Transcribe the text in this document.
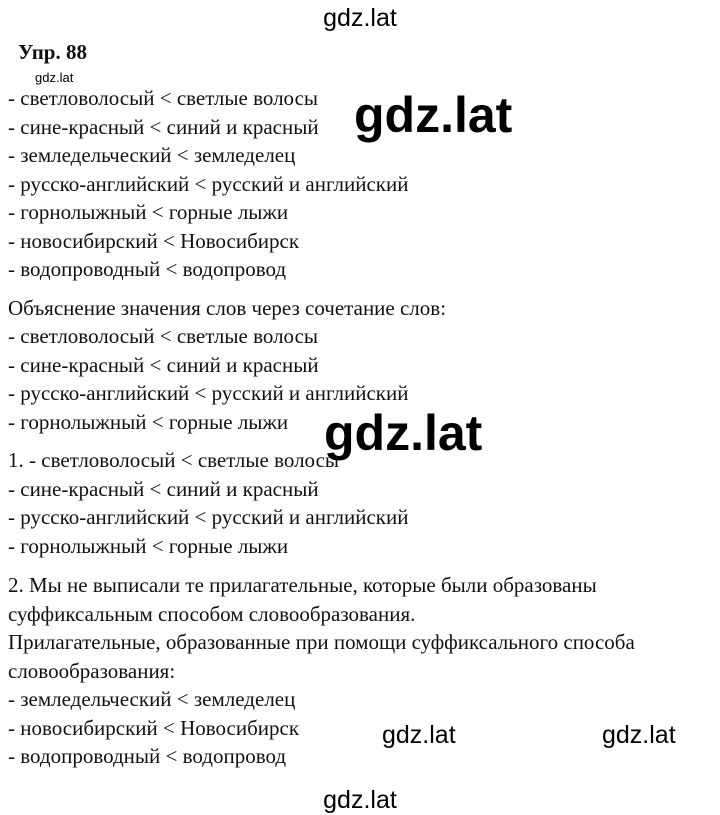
gdz.lat
Упр. 88
- светловолосый < светлые волосы
- сине-красный < синий и красный
- земледельческий < земледелец
- русско-английский < русский и английский
- горнолыжный < горные лыжи
- новосибирский < Новосибирск
- водопроводный < водопровод
Объяснение значения слов через сочетание слов:
- светловолосый < светлые волосы
- сине-красный < синий и красный
- русско-английский < русский и английский
- горнолыжный < горные лыжи
1. - светловолосый < светлые волосы
- сине-красный < синий и красный
- русско-английский < русский и английский
- горнолыжный < горные лыжи
2. Мы не выписали те прилагательные, которые были образованы
суффиксальным способом словообразования.
Прилагательные, образованные при помощи суффиксального способа
словообразования:
- земледельческий < земледелец
- новосибирский < Новосибирск
- водопроводный < водопровод
gdz.lat
gdz.lat
gdz.lat
gdz.lat	gdz.lat
gdz.lat
